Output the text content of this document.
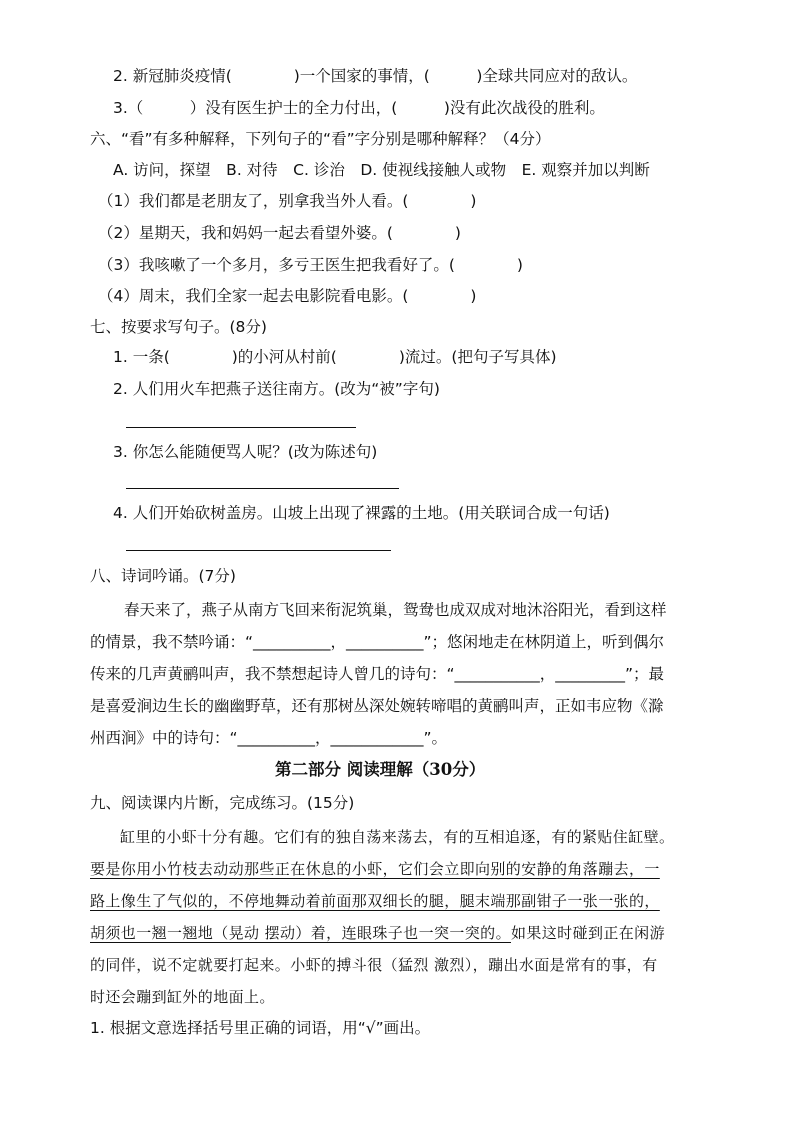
2. 新冠肺炎疫情(　　　　)一个国家的事情，(　　　)全球共同应对的敌认。
3.（　　　）没有医生护士的全力付出，(　　　)没有此次战役的胜利。
六、“看”有多种解释，下列句子的“看”字分别是哪种解释？（4分）
A. 访问，探望　B. 对待　C. 诊治　D. 使视线接触人或物　E. 观察并加以判断
（1）我们都是老朋友了，别拿我当外人看。(　　　　)
（2）星期天，我和妈妈一起去看望外婆。(　　　　)
（3）我咳嗽了一个多月，多亏王医生把我看好了。(　　　　)
（4）周末，我们全家一起去电影院看电影。(　　　　)
七、按要求写句子。(8分)
1. 一条(　　　　)的小河从村前(　　　　)流过。(把句子写具体)
2. 人们用火车把燕子送往南方。(改为“被”字句)
3. 你怎么能随便骂人呢？(改为陈述句)
4. 人们开始砍树盖房。山坡上出现了裸露的土地。(用关联词合成一句话)
八、诗词吟诵。(7分)
春天来了，燕子从南方飞回来衔泥筑巢，鸳鸯也成双成对地沐浴阳光，看到这样
的情景，我不禁吟诵：“__________，__________”；悠闲地走在林阴道上，听到偶尔
传来的几声黄鹂叫声，我不禁想起诗人曾几的诗句：“___________，_________”；最
是喜爱涧边生长的幽幽野草，还有那树丛深处婉转啼唱的黄鹂叫声，正如韦应物《滁
州西涧》中的诗句：“__________，____________”。
第二部分 阅读理解（30分）
九、阅读课内片断，完成练习。(15分)
缸里的小虾十分有趣。它们有的独自荡来荡去，有的互相追逐，有的紧贴住缸壁。
要是你用小竹枝去动动那些正在休息的小虾，它们会立即向别的安静的角落蹦去，一
路上像生了气似的，不停地舞动着前面那双细长的腿，腿末端那副钳子一张一张的，
胡须也一翘一翘地（晃动 摆动）着，连眼珠子也一突一突的。如果这时碰到正在闲游
的同伴，说不定就要打起来。小虾的搏斗很（猛烈 激烈），蹦出水面是常有的事，有
时还会蹦到缸外的地面上。
1. 根据文意选择括号里正确的词语，用“√”画出。
